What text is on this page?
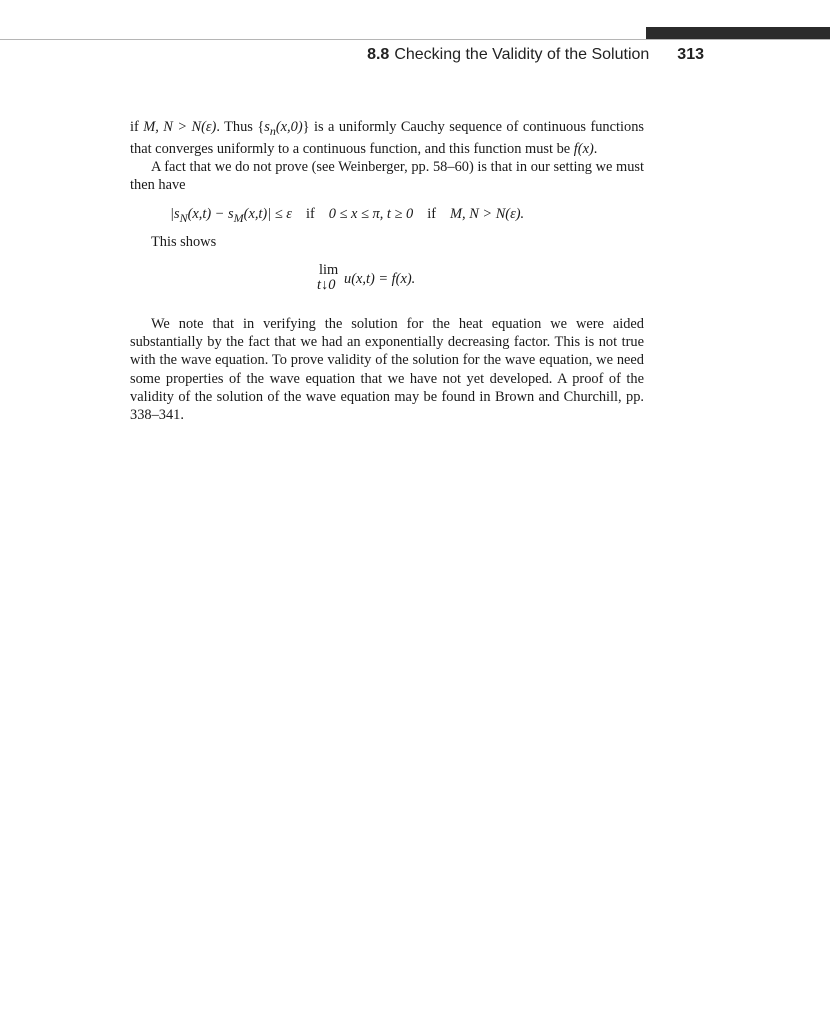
8.8 Checking the Validity of the Solution 313

if M, N > N(ε). Thus $\{s_n(x,0)\}$ is a uniformly Cauchy sequence of continuous functions that converges uniformly to a continuous function, and this function must be f(x).

A fact that we do not prove (see Weinberger, pp. 58–60) is that in our setting we must then have

$|s_N(x,t) - s_M(x,t)| \le \varepsilon$ if 0 ≤ x ≤ π, t ≥ 0 if M, N > N(ε).

This shows

lim
t↓0 u(x,t) = f(x).

We note that in verifying the solution for the heat equation we were aided substantially by the fact that we had an exponentially decreasing factor. This is not true with the wave equation. To prove validity of the solution for the wave equation, we need some properties of the wave equation that we have not yet developed. A proof of the validity of the solution of the wave equation may be found in Brown and Churchill, pp. 338–341.
